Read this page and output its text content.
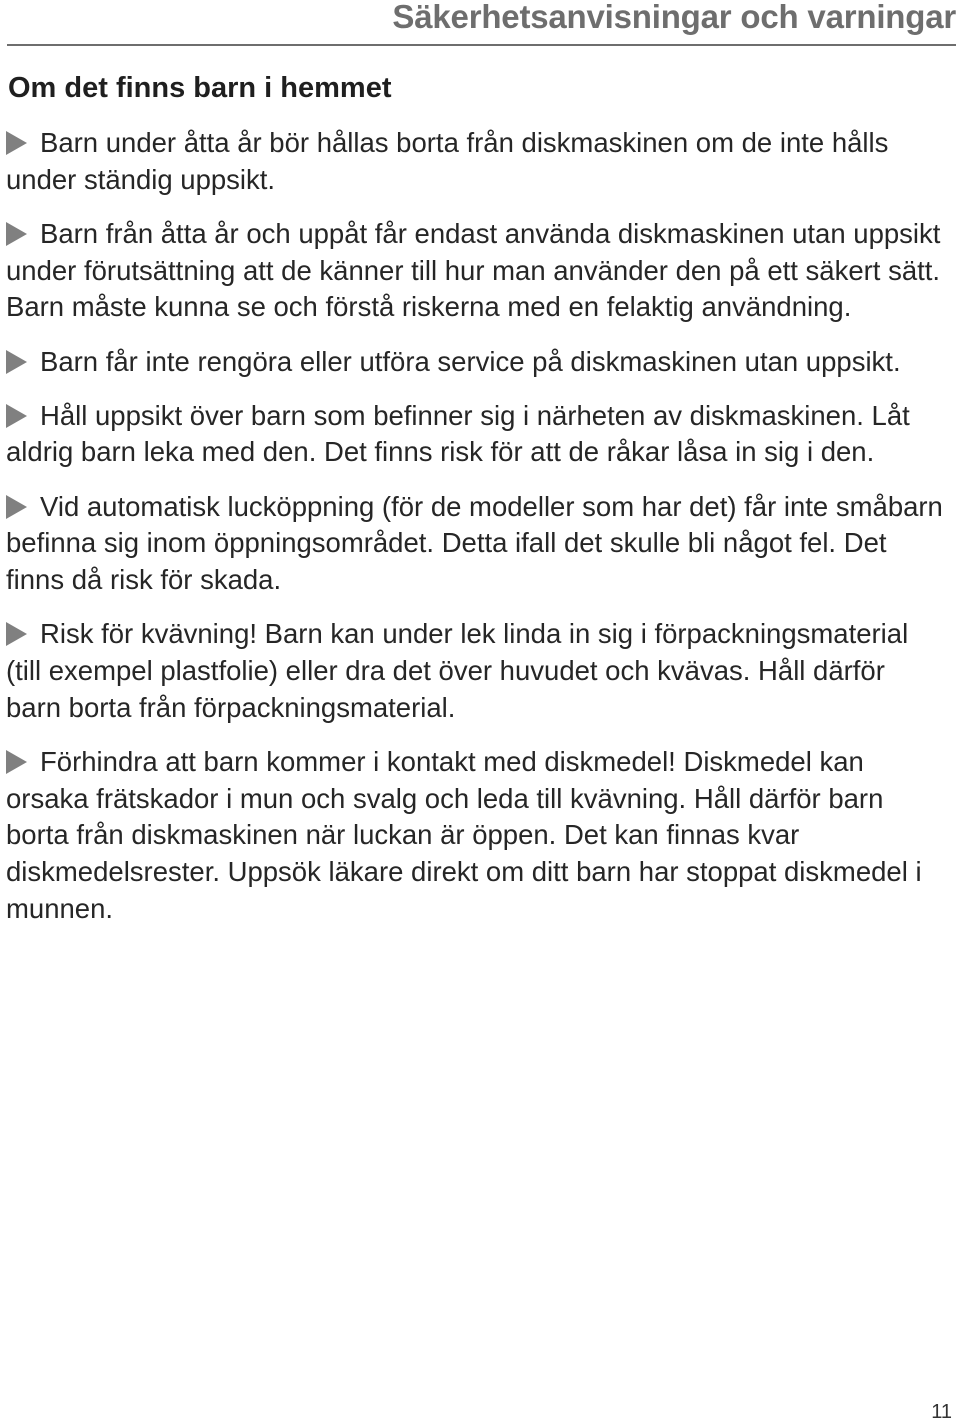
Säkerhetsanvisningar och varningar
Om det finns barn i hemmet
Barn under åtta år bör hållas borta från diskmaskinen om de inte hålls under ständig uppsikt.
Barn från åtta år och uppåt får endast använda diskmaskinen utan uppsikt under förutsättning att de känner till hur man använder den på ett säkert sätt. Barn måste kunna se och förstå riskerna med en felaktig användning.
Barn får inte rengöra eller utföra service på diskmaskinen utan uppsikt.
Håll uppsikt över barn som befinner sig i närheten av diskmaskinen. Låt aldrig barn leka med den. Det finns risk för att de råkar låsa in sig i den.
Vid automatisk lucköppning (för de modeller som har det) får inte småbarn befinna sig inom öppningsområdet. Detta ifall det skulle bli något fel. Det finns då risk för skada.
Risk för kvävning! Barn kan under lek linda in sig i förpackningsmaterial (till exempel plastfolie) eller dra det över huvudet och kvävas. Håll därför barn borta från förpackningsmaterial.
Förhindra att barn kommer i kontakt med diskmedel! Diskmedel kan orsaka frätskador i mun och svalg och leda till kvävning. Håll därför barn borta från diskmaskinen när luckan är öppen. Det kan finnas kvar diskmedelsrester. Uppsök läkare direkt om ditt barn har stoppat diskmedel i munnen.
11
